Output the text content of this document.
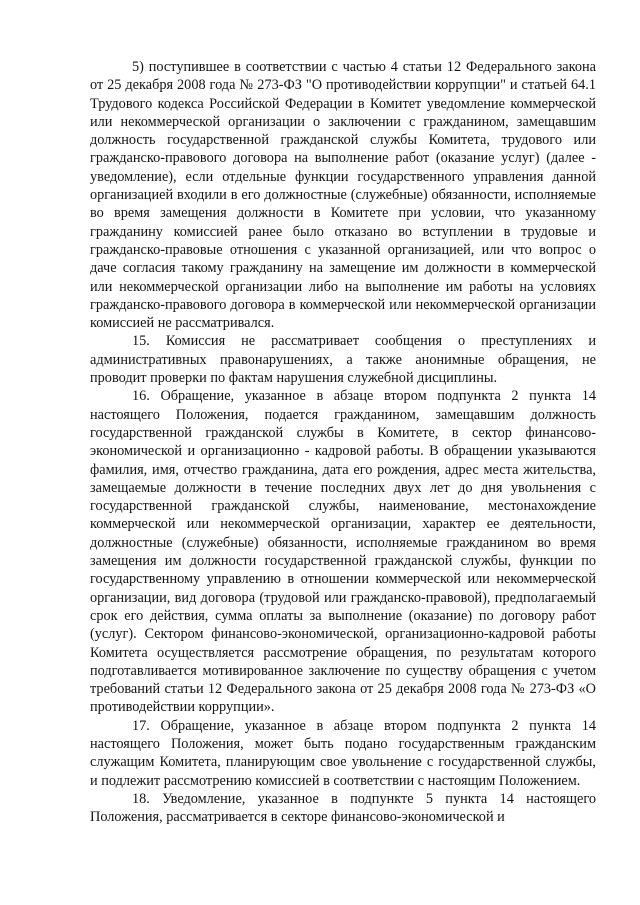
5) поступившее в соответствии с частью 4 статьи 12 Федерального закона от 25 декабря 2008 года № 273-ФЗ "О противодействии коррупции" и статьей 64.1 Трудового кодекса Российской Федерации в Комитет уведомление коммерческой или некоммерческой организации о заключении с гражданином, замещавшим должность государственной гражданской службы Комитета, трудового или гражданско-правового договора на выполнение работ (оказание услуг) (далее - уведомление), если отдельные функции государственного управления данной организацией входили в его должностные (служебные) обязанности, исполняемые во время замещения должности в Комитете при условии, что указанному гражданину комиссией ранее было отказано во вступлении в трудовые и гражданско-правовые отношения с указанной организацией, или что вопрос о даче согласия такому гражданину на замещение им должности в коммерческой или некоммерческой организации либо на выполнение им работы на условиях гражданско-правового договора в коммерческой или некоммерческой организации комиссией не рассматривался.

15. Комиссия не рассматривает сообщения о преступлениях и административных правонарушениях, а также анонимные обращения, не проводит проверки по фактам нарушения служебной дисциплины.

16. Обращение, указанное в абзаце втором подпункта 2 пункта 14 настоящего Положения, подается гражданином, замещавшим должность государственной гражданской службы в Комитете, в сектор финансово-экономической и организационно - кадровой работы. В обращении указываются фамилия, имя, отчество гражданина, дата его рождения, адрес места жительства, замещаемые должности в течение последних двух лет до дня увольнения с государственной гражданской службы, наименование, местонахождение коммерческой или некоммерческой организации, характер ее деятельности, должностные (служебные) обязанности, исполняемые гражданином во время замещения им должности государственной гражданской службы, функции по государственному управлению в отношении коммерческой или некоммерческой организации, вид договора (трудовой или гражданско-правовой), предполагаемый срок его действия, сумма оплаты за выполнение (оказание) по договору работ (услуг). Сектором финансово-экономической, организационно-кадровой работы Комитета осуществляется рассмотрение обращения, по результатам которого подготавливается мотивированное заключение по существу обращения с учетом требований статьи 12 Федерального закона от 25 декабря 2008 года № 273-ФЗ «О противодействии коррупции».

17. Обращение, указанное в абзаце втором подпункта 2 пункта 14 настоящего Положения, может быть подано государственным гражданским служащим Комитета, планирующим свое увольнение с государственной службы, и подлежит рассмотрению комиссией в соответствии с настоящим Положением.

18. Уведомление, указанное в подпункте 5 пункта 14 настоящего Положения, рассматривается в секторе финансово-экономической и
